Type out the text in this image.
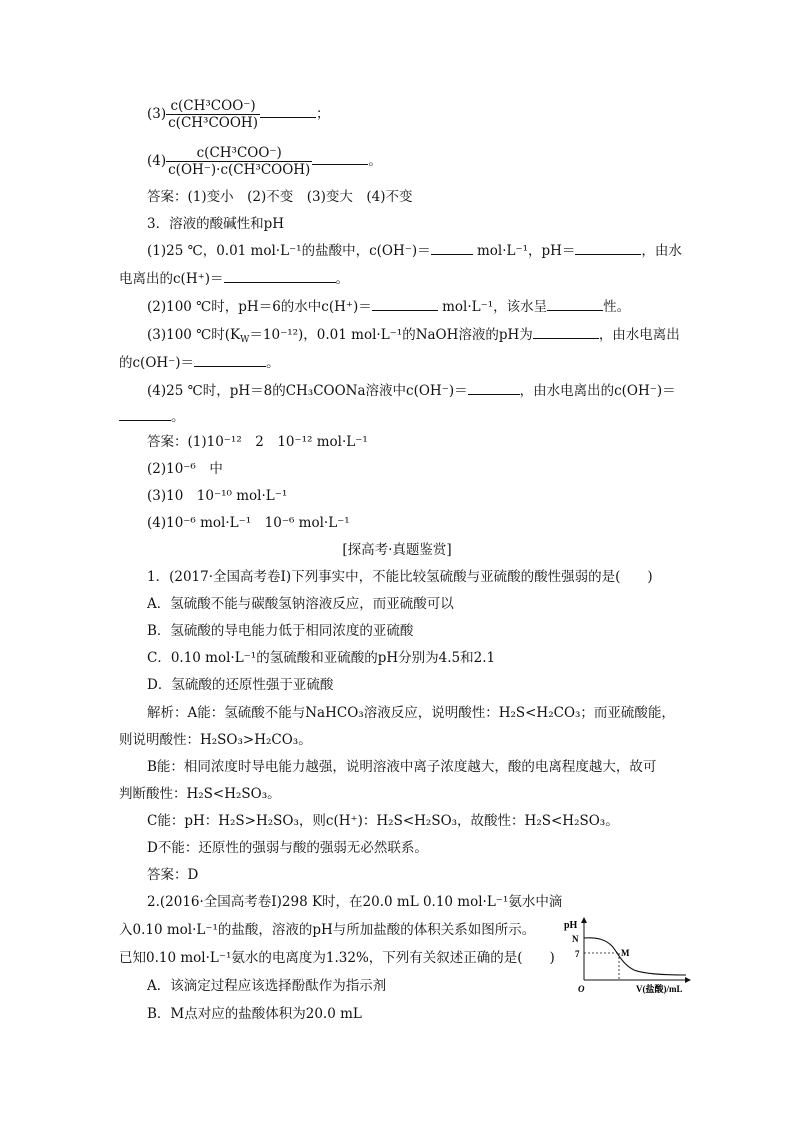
$(3) \frac{\text{c(CH³COO⁻)}}{\text{c(CH³COOH)}}$	；
$(4) \frac{\text{c(CH³COO⁻)}}{\text{c(OH⁻)·c(CH³COOH)}}$	。
答案：(1)变小　(2)不变　(3)变大　(4)不变
3．溶液的酸碱性和pH
(1)25 ℃，0.01 mol·L⁻¹的盐酸中，c(OH⁻)＝	mol·L⁻¹，pH＝	，由水
电离出的c(H⁺)＝	。
(2)100 ℃时，pH＝6的水中c(H⁺)＝	mol·L⁻¹，该水呈	性。
(3)100 ℃时$(K_W=10^{-12})$，0.01 mol·L⁻¹的NaOH溶液的pH为	，由水电离出
的c(OH⁻)＝	。
(4)25 ℃时，pH＝8的CH₃COONa溶液中c(OH⁻)＝	，由水电离出的c(OH⁻)＝
。
答案：(1)10⁻¹²　2　10⁻¹² mol·L⁻¹
(2)10⁻⁶　中
(3)10　10⁻¹⁰ mol·L⁻¹
(4)10⁻⁶ mol·L⁻¹　10⁻⁶ mol·L⁻¹
[探高考·真题鉴赏]
1．(2017·全国高考卷Ⅰ)下列事实中，不能比较氢硫酸与亚硫酸的酸性强弱的是(　　)
A．氢硫酸不能与碳酸氢钠溶液反应，而亚硫酸可以
B．氢硫酸的导电能力低于相同浓度的亚硫酸
C．0.10 mol·L⁻¹的氢硫酸和亚硫酸的pH分别为4.5和2.1
D．氢硫酸的还原性强于亚硫酸
解析：A能：氢硫酸不能与NaHCO₃溶液反应，说明酸性：H₂S<H₂CO₃；而亚硫酸能，
则说明酸性：H₂SO₃>H₂CO₃。
B能：相同浓度时导电能力越强，说明溶液中离子浓度越大，酸的电离程度越大，故可
判断酸性：H₂S<H₂SO₃。
C能：pH：H₂S>H₂SO₃，则c(H⁺)：H₂S<H₂SO₃，故酸性：H₂S<H₂SO₃。
D不能：还原性的强弱与酸的强弱无必然联系。
答案：D
2.(2016·全国高考卷Ⅰ)298 K时，在20.0 mL 0.10 mol·L⁻¹氨水中滴
入0.10 mol·L⁻¹的盐酸，溶液的pH与所加盐酸的体积关系如图所示。
已知0.10 mol·L⁻¹氨水的电离度为1.32%，下列有关叙述正确的是(　　)
A．该滴定过程应该选择酚酞作为指示剂
B．M点对应的盐酸体积为20.0 mL
pH
N
7
O	V(盐酸)/mL
M
